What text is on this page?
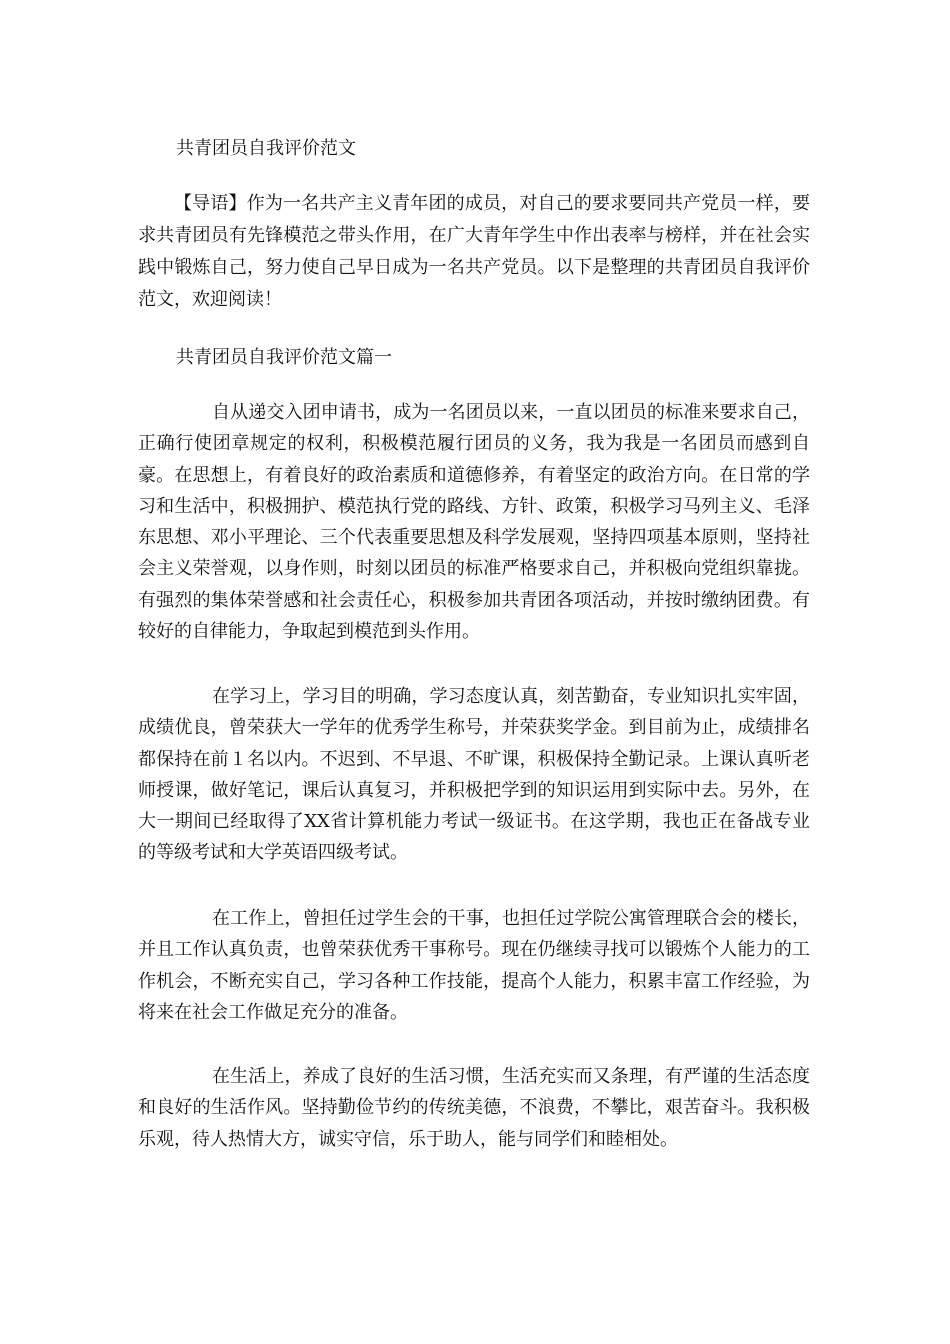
共青团员自我评价范文
【导语】作为一名共产主义青年团的成员，对自己的要求要同共产党员一样，要求共青团员有先锋模范之带头作用，在广大青年学生中作出表率与榜样，并在社会实践中锻炼自己，努力使自己早日成为一名共产党员。以下是整理的共青团员自我评价范文，欢迎阅读！
共青团员自我评价范文篇一
自从递交入团申请书，成为一名团员以来，一直以团员的标准来要求自己，正确行使团章规定的权利，积极模范履行团员的义务，我为我是一名团员而感到自豪。在思想上，有着良好的政治素质和道德修养，有着坚定的政治方向。在日常的学习和生活中，积极拥护、模范执行党的路线、方针、政策，积极学习马列主义、毛泽东思想、邓小平理论、三个代表重要思想及科学发展观，坚持四项基本原则，坚持社会主义荣誉观，以身作则，时刻以团员的标准严格要求自己，并积极向党组织靠拢。有强烈的集体荣誉感和社会责任心，积极参加共青团各项活动，并按时缴纳团费。有较好的自律能力，争取起到模范到头作用。
在学习上，学习目的明确，学习态度认真，刻苦勤奋，专业知识扎实牢固，成绩优良，曾荣获大一学年的优秀学生称号，并荣获奖学金。到目前为止，成绩排名都保持在前１名以内。不迟到、不早退、不旷课，积极保持全勤记录。上课认真听老师授课，做好笔记，课后认真复习，并积极把学到的知识运用到实际中去。另外，在大一期间已经取得了XX省计算机能力考试一级证书。在这学期，我也正在备战专业的等级考试和大学英语四级考试。
在工作上，曾担任过学生会的干事，也担任过学院公寓管理联合会的楼长，并且工作认真负责，也曾荣获优秀干事称号。现在仍继续寻找可以锻炼个人能力的工作机会，不断充实自己，学习各种工作技能，提高个人能力，积累丰富工作经验，为将来在社会工作做足充分的准备。
在生活上，养成了良好的生活习惯，生活充实而又条理，有严谨的生活态度和良好的生活作风。坚持勤俭节约的传统美德，不浪费，不攀比，艰苦奋斗。我积极乐观，待人热情大方，诚实守信，乐于助人，能与同学们和睦相处。
